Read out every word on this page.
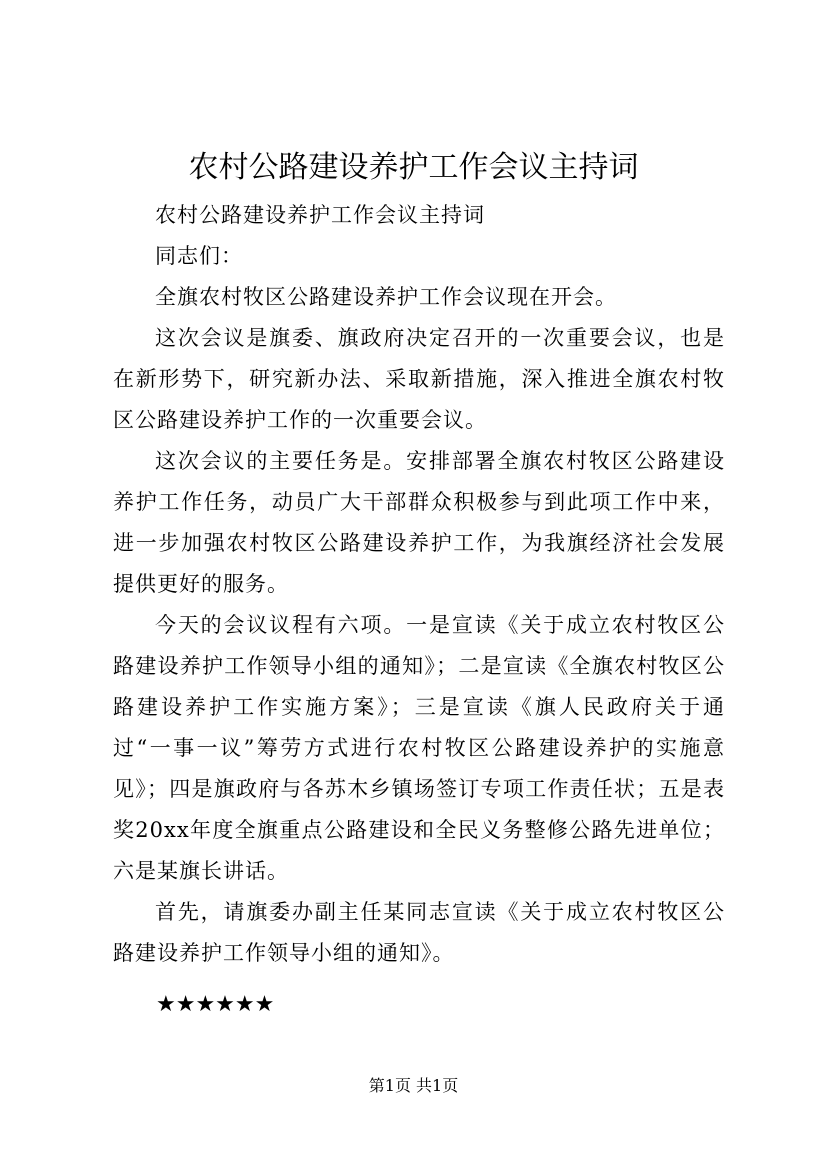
农村公路建设养护工作会议主持词

农村公路建设养护工作会议主持词

同志们：

全旗农村牧区公路建设养护工作会议现在开会。

这次会议是旗委、旗政府决定召开的一次重要会议，也是在新形势下，研究新办法、采取新措施，深入推进全旗农村牧区公路建设养护工作的一次重要会议。

这次会议的主要任务是。安排部署全旗农村牧区公路建设养护工作任务，动员广大干部群众积极参与到此项工作中来，进一步加强农村牧区公路建设养护工作，为我旗经济社会发展提供更好的服务。

今天的会议议程有六项。一是宣读《关于成立农村牧区公路建设养护工作领导小组的通知》；二是宣读《全旗农村牧区公路建设养护工作实施方案》；三是宣读《旗人民政府关于通过“一事一议”筹劳方式进行农村牧区公路建设养护的实施意见》；四是旗政府与各苏木乡镇场签订专项工作责任状；五是表奖20xx年度全旗重点公路建设和全民义务整修公路先进单位；六是某旗长讲话。

首先，请旗委办副主任某同志宣读《关于成立农村牧区公路建设养护工作领导小组的通知》。

★★★★★★
第1页 共1页
